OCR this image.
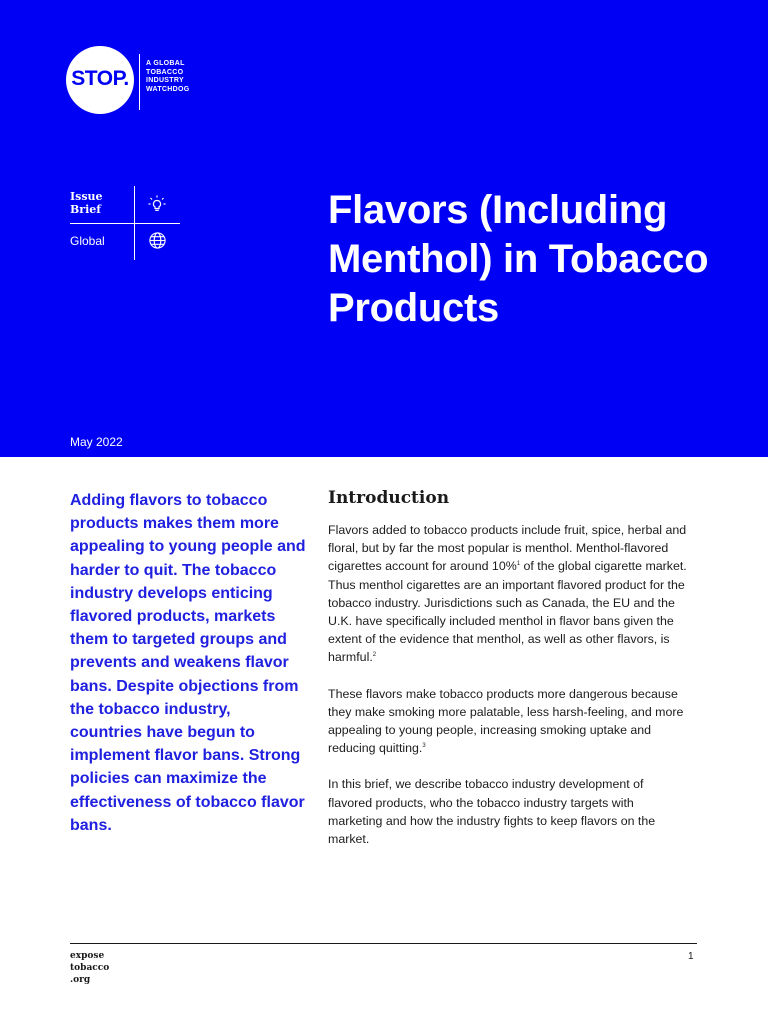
STOP.
A GLOBAL
TOBACCO
INDUSTRY
WATCHDOG
Issue Brief
Global
Flavors (Including Menthol) in Tobacco Products
May 2022
Adding flavors to tobacco products makes them more appealing to young people and harder to quit. The tobacco industry develops enticing flavored products, markets them to targeted groups and prevents and weakens flavor bans. Despite objections from the tobacco industry, countries have begun to implement flavor bans. Strong policies can maximize the effectiveness of tobacco flavor bans.
Introduction

Flavors added to tobacco products include fruit, spice, herbal and floral, but by far the most popular is menthol. Menthol-flavored cigarettes account for around 10%$^1$ of the global cigarette market. Thus menthol cigarettes are an important flavored product for the tobacco industry. Jurisdictions such as Canada, the EU and the U.K. have specifically included menthol in flavor bans given the extent of the evidence that menthol, as well as other flavors, is harmful.$^2$

These flavors make tobacco products more dangerous because they make smoking more palatable, less harsh-feeling, and more appealing to young people, increasing smoking uptake and reducing quitting.$^3$

In this brief, we describe tobacco industry development of flavored products, who the tobacco industry targets with marketing and how the industry fights to keep flavors on the market.

expose
tobacco
.org
1
